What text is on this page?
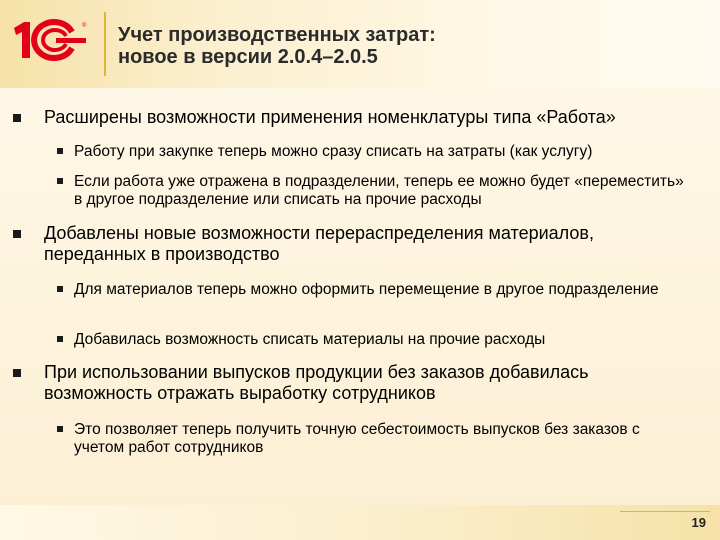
® Учет производственных затрат:
новое в версии 2.0.4–2.0.5
Расширены возможности применения номенклатуры типа «Работа»
Работу при закупке теперь можно сразу списать на затраты (как услугу)
Если работа уже отражена в подразделении, теперь ее можно будет «переместить» в другое подразделение или списать на прочие расходы
Добавлены новые возможности перераспределения материалов, переданных в производство
Для материалов теперь можно оформить перемещение в другое подразделение
Добавилась возможность списать материалы на прочие расходы
При использовании выпусков продукции без заказов добавилась возможность отражать выработку сотрудников
Это позволяет теперь получить точную себестоимость выпусков без заказов с учетом работ сотрудников
19
